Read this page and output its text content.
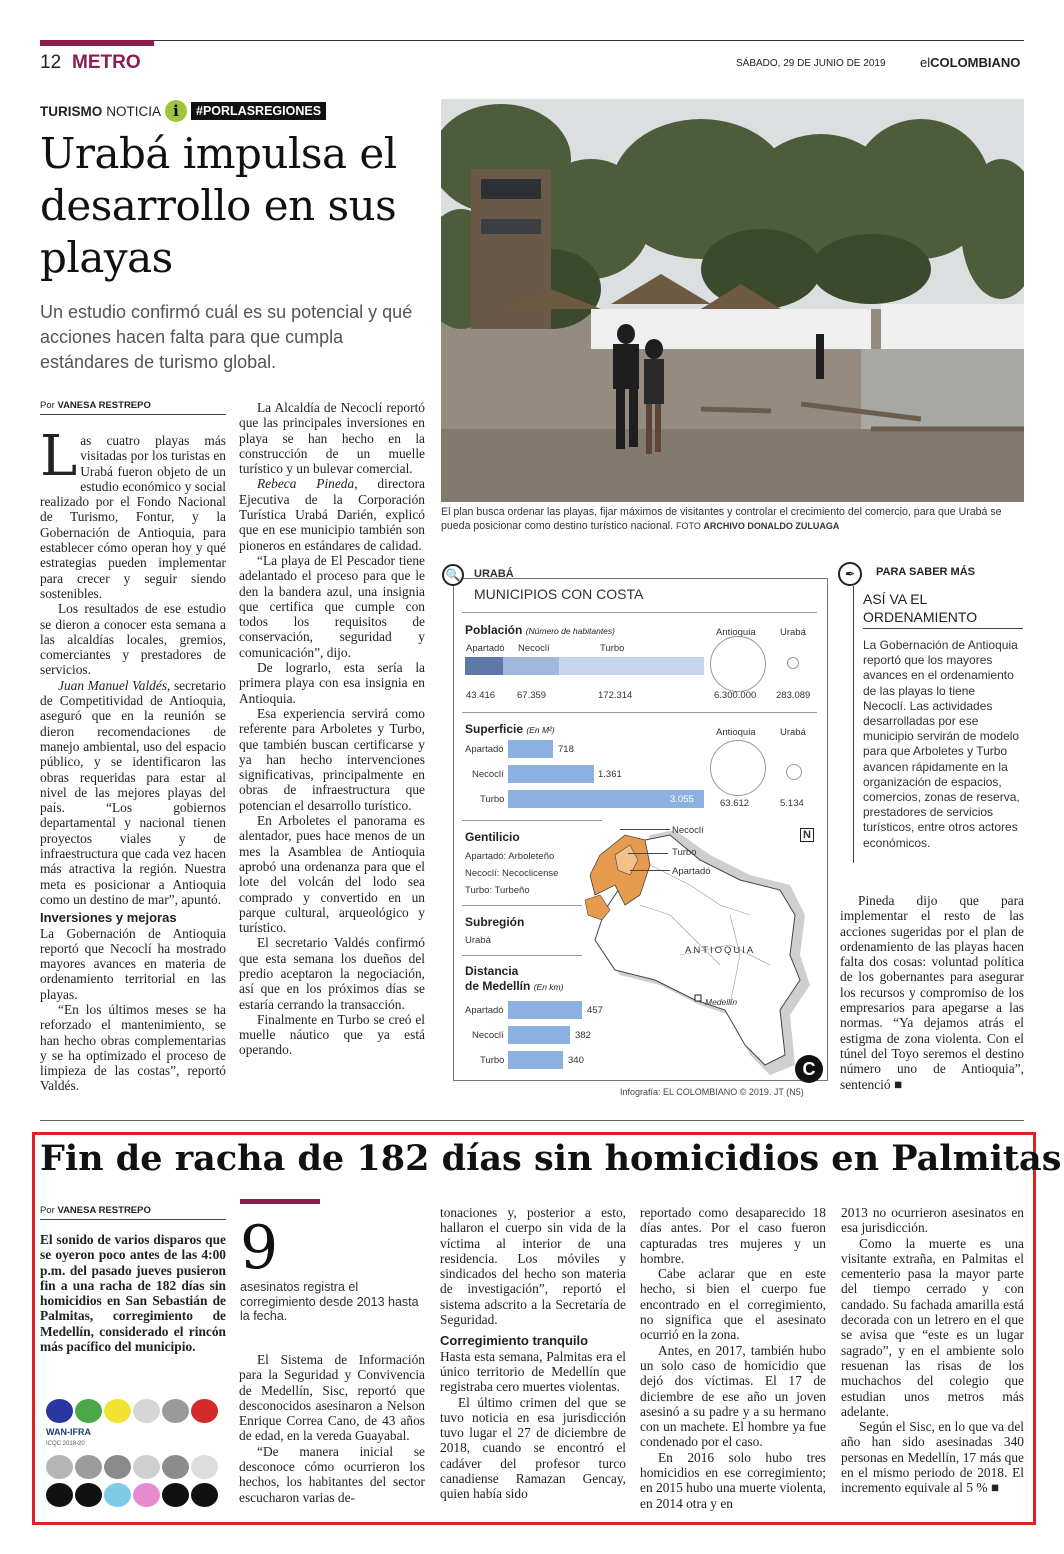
12 METRO	SÁBADO, 29 DE JUNIO DE 2019	elCOLOMBIANO
TURISMO NOTICIA i	#PORLASREGIONES
Urabá impulsa el desarrollo en sus playas
Un estudio confirmó cuál es su potencial y qué acciones hacen falta para que cumpla estándares de turismo global.
El plan busca ordenar las playas, fijar máximos de visitantes y controlar el crecimiento del comercio, para que Urabá se pueda posicionar como destino turístico nacional. FOTO ARCHIVO DONALDO ZULUAGA
Por VANESA RESTREPO

Las cuatro playas más visitadas por los turistas en Urabá fueron objeto de un estudio económico y social realizado por el Fondo Nacional de Turismo, Fontur, y la Gobernación de Antioquia, para establecer cómo operan hoy y qué estrategias pueden implementar para crecer y seguir siendo sostenibles.

Los resultados de ese estudio se dieron a conocer esta semana a las alcaldías locales, gremios, comerciantes y prestadores de servicios.

Juan Manuel Valdés, secretario de Competitividad de Antioquia, aseguró que en la reunión se dieron recomendaciones de manejo ambiental, uso del espacio público, y se identificaron las obras requeridas para estar al nivel de las mejores playas del país. “Los gobiernos departamental y nacional tienen proyectos viales y de infraestructura que cada vez hacen más atractiva la región. Nuestra meta es posicionar a Antioquia como un destino de mar”, apuntó.

Inversiones y mejoras

La Gobernación de Antioquia reportó que Necoclí ha mostrado mayores avances en materia de ordenamiento territorial en las playas.

“En los últimos meses se ha reforzado el mantenimiento, se han hecho obras complementarias y se ha optimizado el proceso de limpieza de las costas”, reportó Valdés.

La Alcaldía de Necoclí reportó que las principales inversiones en playa se han hecho en la construcción de un muelle turístico y un bulevar comercial.

Rebeca Pineda, directora Ejecutiva de la Corporación Turística Urabá Darién, explicó que en ese municipio también son pioneros en estándares de calidad.

“La playa de El Pescador tiene adelantado el proceso para que le den la bandera azul, una insignia que certifica que cumple con todos los requisitos de conservación, seguridad y comunicación”, dijo.

De lograrlo, esta sería la primera playa con esa insignia en Antioquia.

Esa experiencia servirá como referente para Arboletes y Turbo, que también buscan certificarse y ya han hecho intervenciones significativas, principalmente en obras de infraestructura que potencian el desarrollo turístico.

En Arboletes el panorama es alentador, pues hace menos de un mes la Asamblea de Antioquia aprobó una ordenanza para que el lote del volcán del lodo sea comprado y convertido en un parque cultural, arqueológico y turístico.

El secretario Valdés confirmó que esta semana los dueños del predio aceptaron la negociación, así que en los próximos días se estaría cerrando la transacción.

Finalmente en Turbo se creó el muelle náutico que ya está operando.

🔍	URABÁ
MUNICIPIOS CON COSTA
Población (Número de habitantes)
Apartadó Necoclí	Turbo
43.416 67.359	172.314
Antioquia	Urabá
6.300.000 283.089
Superficie (En M²)
Apartadó
Necoclí
Turbo
718
1.361
3.055
Antioquia	Urabá
63.612	5.134
Necoclí
Turbo
Apartadó
ANTIOQUIA
Medellín
N
Gentilicio
Apartadó: Arboleteño
Necoclí: Necoclicense
Turbo: Turbeño
Subregión
Urabá
Distancia
de Medellín (En km)
Apartadó
Necoclí
Turbo
457
382
340	C
Infografía: EL COLOMBIANO © 2019. JT (N5)
✒	PARA SABER MÁS
ASÍ VA EL ORDENAMIENTO
La Gobernación de Antioquia reportó que los mayores avances en el ordenamiento de las playas lo tiene Necoclí. Las actividades desarrolladas por ese municipio servirán de modelo para que Arboletes y Turbo avancen rápidamente en la organización de espacios, comercios, zonas de reserva, prestadores de servicios turísticos, entre otros actores económicos.

Pineda dijo que para implementar el resto de las acciones sugeridas por el plan de ordenamiento de las playas hacen falta dos cosas: voluntad política de los gobernantes para asegurar los recursos y compromiso de los empresarios para apegarse a las normas. “Ya dejamos atrás el estigma de zona violenta. Con el túnel del Toyo seremos el destino número uno de Antioquia”, sentenció ■

Fin de racha de 182 días sin homicidios en Palmitas
Por VANESA RESTREPO

El sonido de varios disparos que se oyeron poco antes de las 4:00 p.m. del pasado jueves pusieron fin a una racha de 182 días sin homicidios en San Sebastián de Palmitas, corregimiento de Medellín, considerado el rincón más pacífico del municipio.

9
asesinatos registra el corregimiento desde 2013 hasta la fecha.

El Sistema de Información para la Seguridad y Convivencia de Medellín, Sisc, reportó que desconocidos asesinaron a Nelson Enrique Correa Cano, de 43 años de edad, en la vereda Guayabal.

“De manera inicial se desconoce cómo ocurrieron los hechos, los habitantes del sector escucharon varias de-

tonaciones y, posterior a esto, hallaron el cuerpo sin vida de la víctima al interior de una residencia. Los móviles y sindicados del hecho son materia de investigación”, reportó el sistema adscrito a la Secretaría de Seguridad.

Corregimiento tranquilo

Hasta esta semana, Palmitas era el único territorio de Medellín que registraba cero muertes violentas.

El último crimen del que se tuvo noticia en esa jurisdicción tuvo lugar el 27 de diciembre de 2018, cuando se encontró el cadáver del profesor turco canadiense Ramazan Gencay, quien había sido

reportado como desaparecido 18 días antes. Por el caso fueron capturadas tres mujeres y un hombre.

Cabe aclarar que en este hecho, si bien el cuerpo fue encontrado en el corregimiento, no significa que el asesinato ocurrió en la zona.

Antes, en 2017, también hubo un solo caso de homicidio que dejó dos víctimas. El 17 de diciembre de ese año un joven asesinó a su padre y a su hermano con un machete. El hombre ya fue condenado por el caso.

En 2016 solo hubo tres homicidios en ese corregimiento; en 2015 hubo una muerte violenta, en 2014 otra y en

2013 no ocurrieron asesinatos en esa jurisdicción.

Como la muerte es una visitante extraña, en Palmitas el cementerio pasa la mayor parte del tiempo cerrado y con candado. Su fachada amarilla está decorada con un letrero en el que se avisa que “este es un lugar sagrado”, y en el ambiente solo resuenan las risas de los muchachos del colegio que estudian unos metros más adelante.

Según el Sisc, en lo que va del año han sido asesinadas 340 personas en Medellín, 17 más que en el mismo periodo de 2018. El incremento equivale al 5 % ■

WAN-IFRA
ICQC 2018-20
